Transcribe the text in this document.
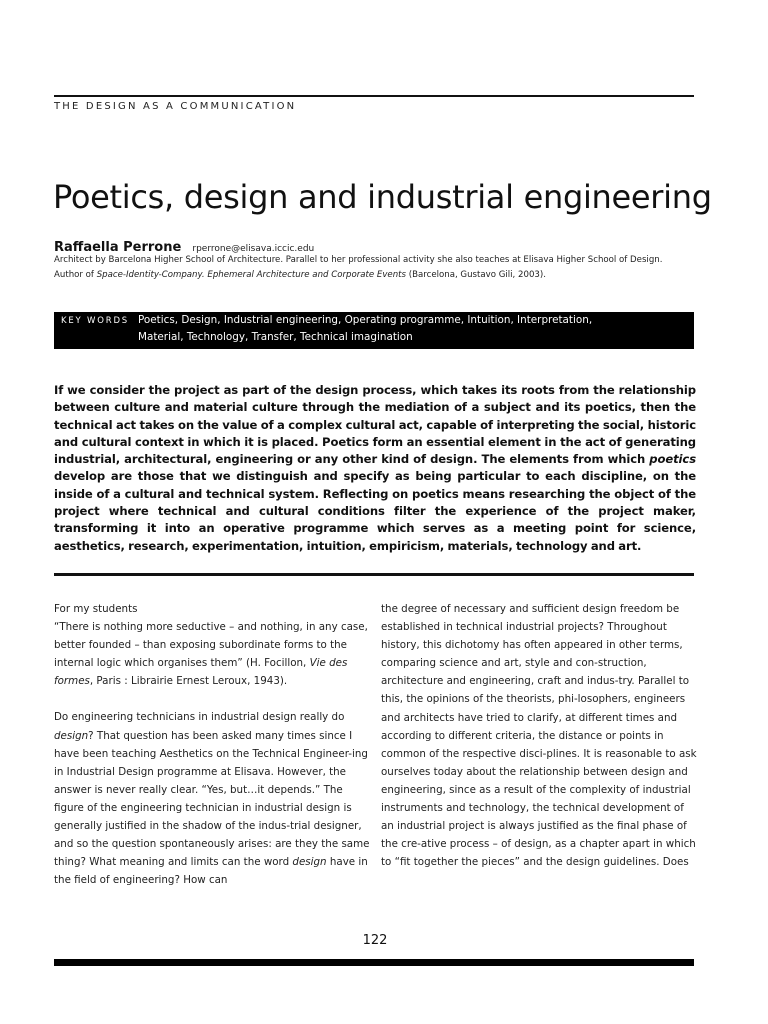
THE DESIGN AS A COMMUNICATION
Poetics, design and industrial engineering
Raffaella Perrone rperrone@elisava.iccic.edu
Architect by Barcelona Higher School of Architecture. Parallel to her professional activity she also teaches at Elisava Higher School of Design. Author of Space-Identity-Company. Ephemeral Architecture and Corporate Events (Barcelona, Gustavo Gili, 2003).
KEY WORDS Poetics, Design, Industrial engineering, Operating programme, Intuition, Interpretation, Material, Technology, Transfer, Technical imagination

If we consider the project as part of the design process, which takes its roots from the relationship between culture and material culture through the mediation of a subject and its poetics, then the technical act takes on the value of a complex cultural act, capable of interpreting the social, historic and cultural context in which it is placed. Poetics form an essential element in the act of generating industrial, architectural, engineering or any other kind of design. The elements from which poetics develop are those that we distinguish and specify as being particular to each discipline, on the inside of a cultural and technical system. Reflecting on poetics means researching the object of the project where technical and cultural conditions filter the experience of the project maker, transforming it into an operative programme which serves as a meeting point for science, aesthetics, research, experimentation, intuition, empiricism, materials, technology and art.

For my students

“There is nothing more seductive – and nothing, in any case, better founded – than exposing subordinate forms to the internal logic which organises them” (H. Focillon, Vie des formes, Paris : Librairie Ernest Leroux, 1943).

Do engineering technicians in industrial design really do design? That question has been asked many times since I have been teaching Aesthetics on the Technical Engineer-ing in Industrial Design programme at Elisava. However, the answer is never really clear. “Yes, but…it depends.” The figure of the engineering technician in industrial design is generally justified in the shadow of the indus-trial designer, and so the question spontaneously arises: are they the same thing? What meaning and limits can the word design have in the field of engineering? How can

the degree of necessary and sufficient design freedom be established in technical industrial projects? Throughout history, this dichotomy has often appeared in other terms, comparing science and art, style and con-struction, architecture and engineering, craft and indus-try. Parallel to this, the opinions of the theorists, phi-losophers, engineers and architects have tried to clarify, at different times and according to different criteria, the distance or points in common of the respective disci-plines. It is reasonable to ask ourselves today about the relationship between design and engineering, since as a result of the complexity of industrial instruments and technology, the technical development of an industrial project is always justified as the final phase of the cre-ative process – of design, as a chapter apart in which to “fit together the pieces” and the design guidelines. Does

122
